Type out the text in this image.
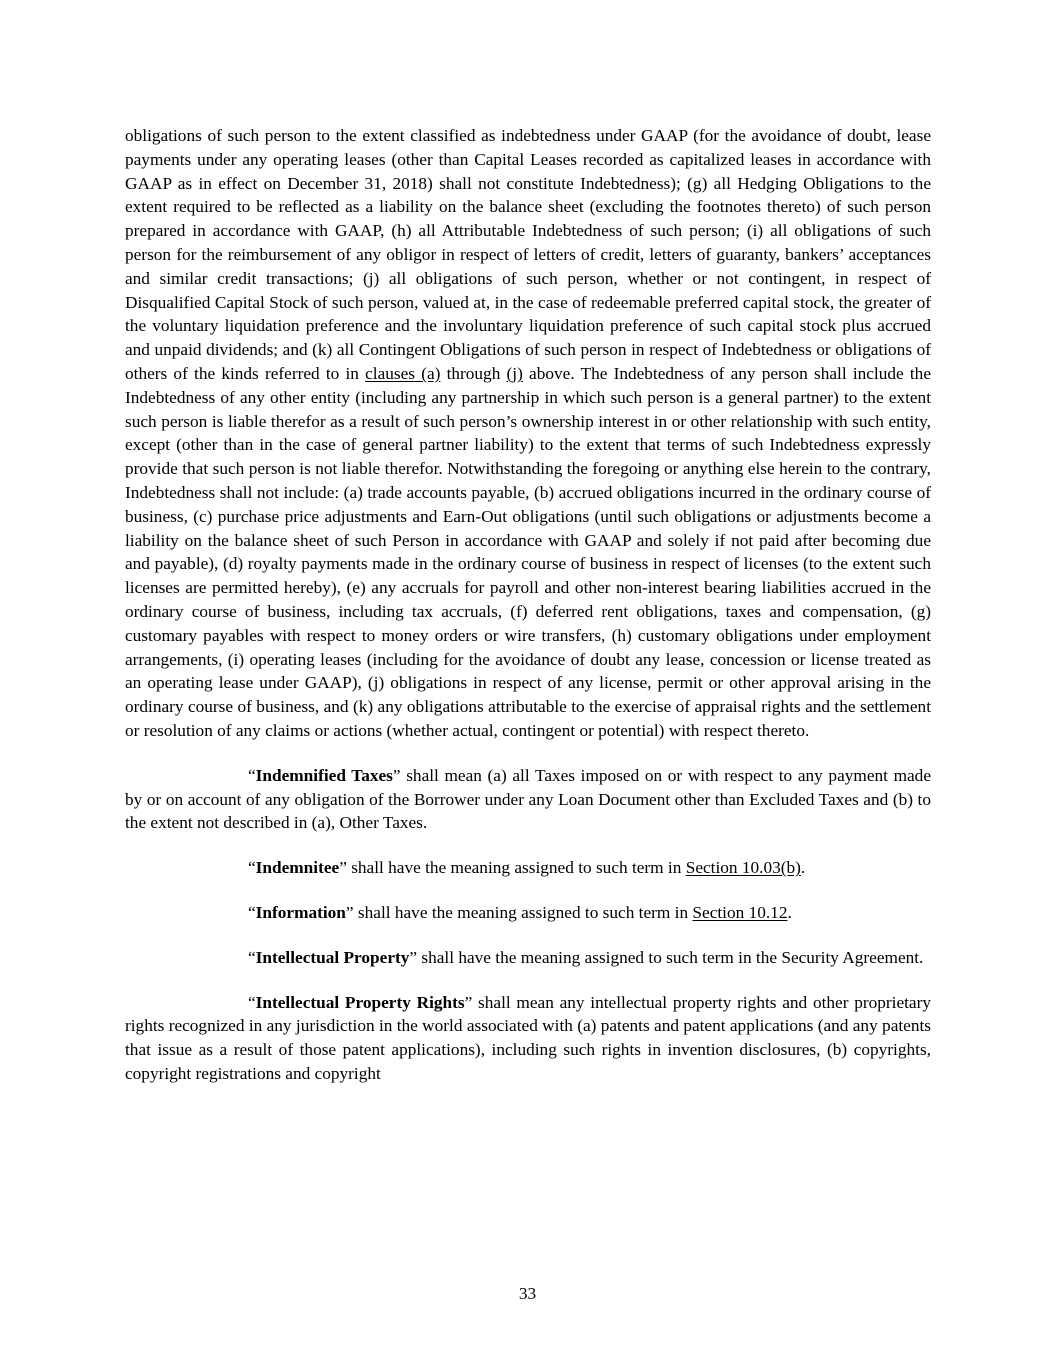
obligations of such person to the extent classified as indebtedness under GAAP (for the avoidance of doubt, lease payments under any operating leases (other than Capital Leases recorded as capitalized leases in accordance with GAAP as in effect on December 31, 2018) shall not constitute Indebtedness); (g) all Hedging Obligations to the extent required to be reflected as a liability on the balance sheet (excluding the footnotes thereto) of such person prepared in accordance with GAAP, (h) all Attributable Indebtedness of such person; (i) all obligations of such person for the reimbursement of any obligor in respect of letters of credit, letters of guaranty, bankers’ acceptances and similar credit transactions; (j) all obligations of such person, whether or not contingent, in respect of Disqualified Capital Stock of such person, valued at, in the case of redeemable preferred capital stock, the greater of the voluntary liquidation preference and the involuntary liquidation preference of such capital stock plus accrued and unpaid dividends; and (k) all Contingent Obligations of such person in respect of Indebtedness or obligations of others of the kinds referred to in clauses (a) through (j) above. The Indebtedness of any person shall include the Indebtedness of any other entity (including any partnership in which such person is a general partner) to the extent such person is liable therefor as a result of such person’s ownership interest in or other relationship with such entity, except (other than in the case of general partner liability) to the extent that terms of such Indebtedness expressly provide that such person is not liable therefor. Notwithstanding the foregoing or anything else herein to the contrary, Indebtedness shall not include: (a) trade accounts payable, (b) accrued obligations incurred in the ordinary course of business, (c) purchase price adjustments and Earn-Out obligations (until such obligations or adjustments become a liability on the balance sheet of such Person in accordance with GAAP and solely if not paid after becoming due and payable), (d) royalty payments made in the ordinary course of business in respect of licenses (to the extent such licenses are permitted hereby), (e) any accruals for payroll and other non-interest bearing liabilities accrued in the ordinary course of business, including tax accruals, (f) deferred rent obligations, taxes and compensation, (g) customary payables with respect to money orders or wire transfers, (h) customary obligations under employment arrangements, (i) operating leases (including for the avoidance of doubt any lease, concession or license treated as an operating lease under GAAP), (j) obligations in respect of any license, permit or other approval arising in the ordinary course of business, and (k) any obligations attributable to the exercise of appraisal rights and the settlement or resolution of any claims or actions (whether actual, contingent or potential) with respect thereto.

“Indemnified Taxes” shall mean (a) all Taxes imposed on or with respect to any payment made by or on account of any obligation of the Borrower under any Loan Document other than Excluded Taxes and (b) to the extent not described in (a), Other Taxes.

“Indemnitee” shall have the meaning assigned to such term in Section 10.03(b).

“Information” shall have the meaning assigned to such term in Section 10.12.

“Intellectual Property” shall have the meaning assigned to such term in the Security Agreement.

“Intellectual Property Rights” shall mean any intellectual property rights and other proprietary rights recognized in any jurisdiction in the world associated with (a) patents and patent applications (and any patents that issue as a result of those patent applications), including such rights in invention disclosures, (b) copyrights, copyright registrations and copyright

33
